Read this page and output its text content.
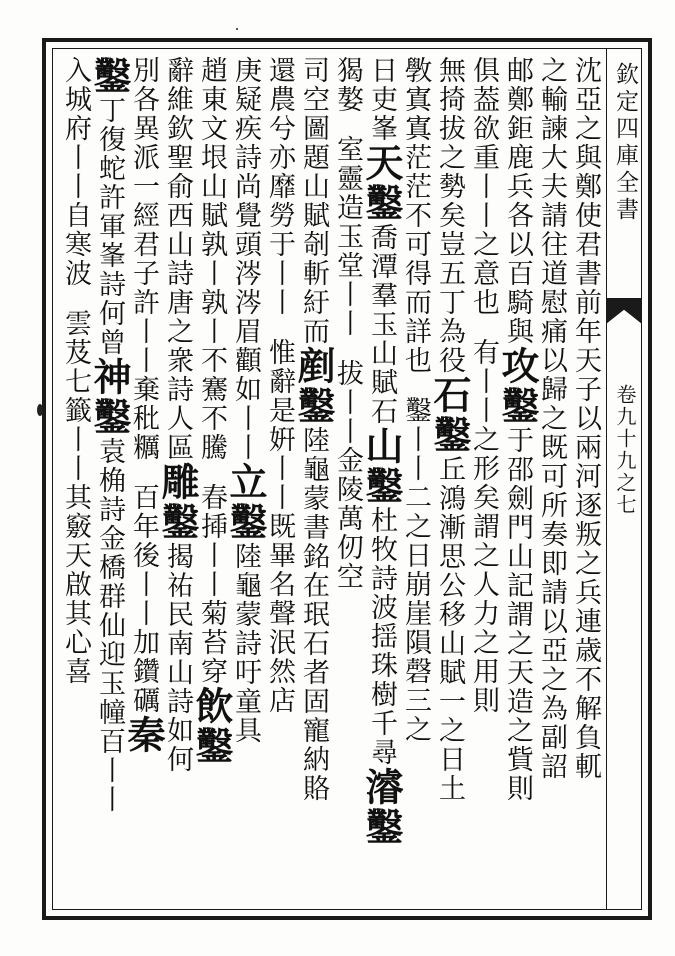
欽定四庫全書
卷九十九之七
沈亞之與鄭使君書前年天子以兩河逐叛之兵連歳不解負軏
之輸諫大夫請往道慰痛以歸之既可所奏即請以亞之為副詔
邮鄭鉅鹿兵各以百騎與攻鑿于邵劍門山記謂之天造之貲則
俱葢欲重丨丨之意也　有丨丨之形矣謂之人力之用則
無掎拔之勢矣豈五丁為役石鑿丘鴻漸思公移山賦一之日土
斆寘寘茫茫不可得而詳也　鑿丨丨二之日崩崖隕磬三之
日吏峯天鑿喬潭羣玉山賦石山鑿杜牧詩波揺珠樹千尋濬鑿
猲嫯　室靈造玉堂丨丨　拔丨丨金陵萬仞空
司空圖題山賦剞斬紆而剷鑿陸龜蒙書銘在珉石者固寵納賂
還農兮亦靡勞于丨丨　惟辭是姸丨丨既畢名聲泯然店
庚疑疾詩尚覺頭涔涔眉顴如丨丨立鑿陸龜蒙詩吁童具
趙東文垠山賦孰丨孰丨不騫不騰　春揷丨丨菊苔穿飲鑿
辭維欽聖俞西山詩唐之衆詩人區雕鑿揭祐民南山詩如何
別各異派一經君子許丨丨棄秕糲　百年後丨丨加鑽礪秦
鑿丁復蛇許軍峯詩何曾神鑿袁桷詩金橋群仙迎玉幢百丨丨
入城府丨丨自寒波　雲芨七籤丨丨其竅天啟其心喜
